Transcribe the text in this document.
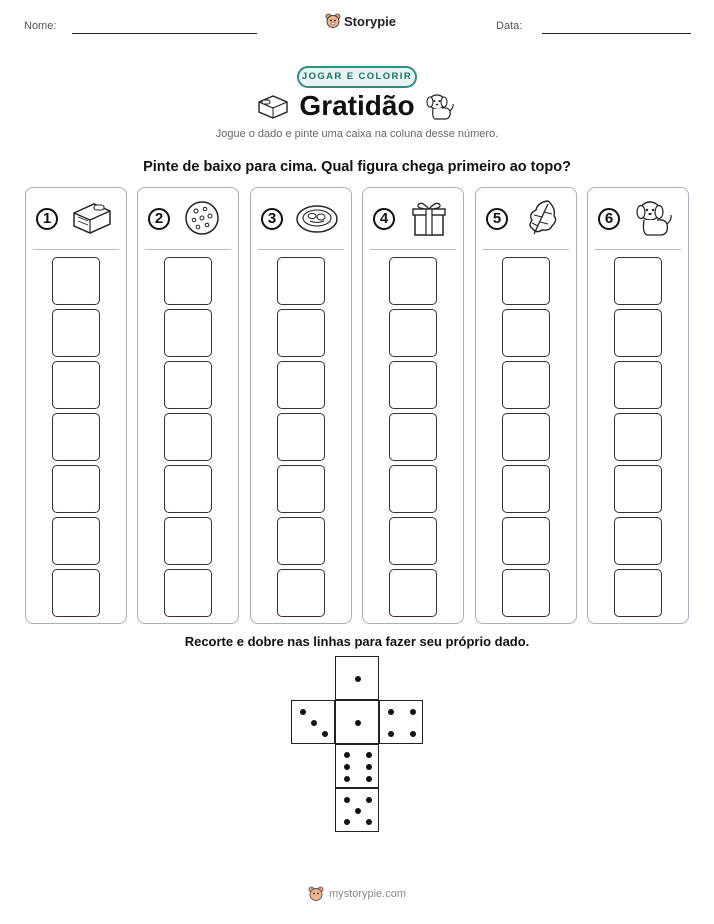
Nome:	Storypie	Data:
JOGAR E COLORIR
Gratidão
Jogue o dado e pinte uma caixa na coluna desse número.
Pinte de baixo para cima. Qual figura chega primeiro ao topo?
1	2	3	4	5	6
Recorte e dobre nas linhas para fazer seu próprio dado.
mystorypie.com
